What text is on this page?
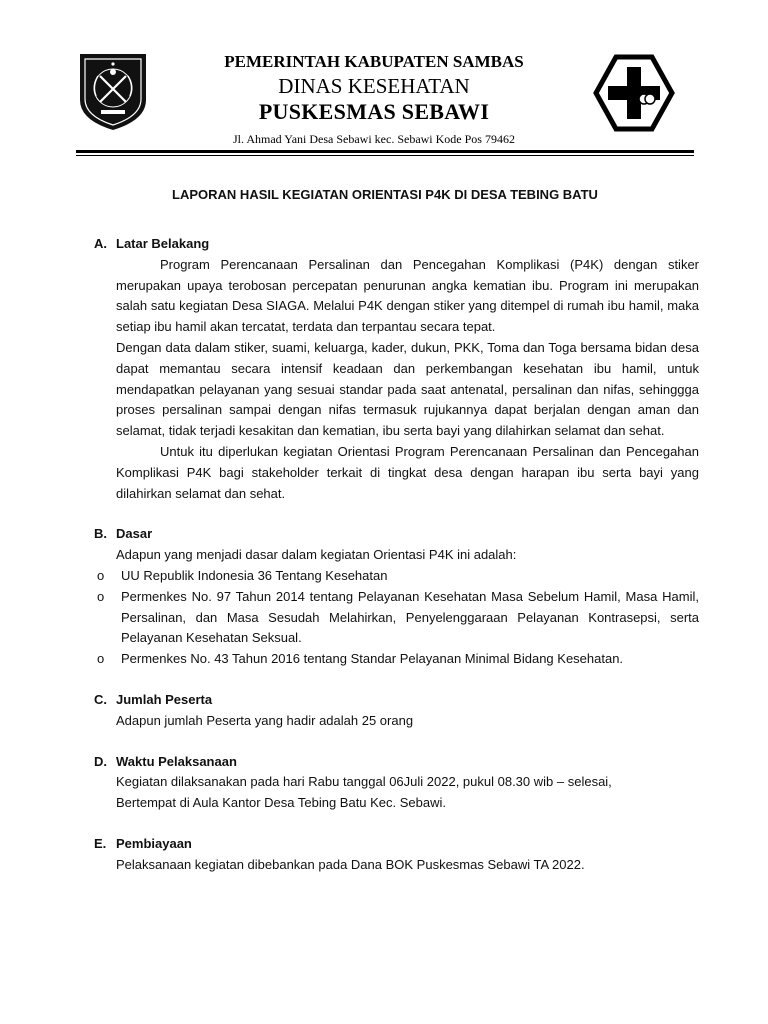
PEMERINTAH KABUPATEN SAMBAS
DINAS KESEHATAN
PUSKESMAS SEBAWI
Jl. Ahmad Yani Desa Sebawi kec. Sebawi Kode Pos 79462
LAPORAN HASIL KEGIATAN ORIENTASI P4K DI DESA TEBING BATU
A. Latar Belakang
Program Perencanaan Persalinan dan Pencegahan Komplikasi (P4K) dengan stiker merupakan upaya terobosan percepatan penurunan angka kematian ibu. Program ini merupakan salah satu kegiatan Desa SIAGA. Melalui P4K dengan stiker yang ditempel di rumah ibu hamil, maka setiap ibu hamil akan tercatat, terdata dan terpantau secara tepat.
Dengan data dalam stiker, suami, keluarga, kader, dukun, PKK, Toma dan Toga bersama bidan desa dapat memantau secara intensif keadaan dan perkembangan kesehatan ibu hamil, untuk mendapatkan pelayanan yang sesuai standar pada saat antenatal, persalinan dan nifas, sehinggga proses persalinan sampai dengan nifas termasuk rujukannya dapat berjalan dengan aman dan selamat, tidak terjadi kesakitan dan kematian, ibu serta bayi yang dilahirkan selamat dan sehat.
Untuk itu diperlukan kegiatan Orientasi Program Perencanaan Persalinan dan Pencegahan Komplikasi P4K bagi stakeholder terkait di tingkat desa dengan harapan ibu serta bayi yang dilahirkan selamat dan sehat.
B. Dasar
Adapun yang menjadi dasar dalam kegiatan Orientasi P4K ini adalah:
o	UU Republik Indonesia 36 Tentang Kesehatan
o	Permenkes No. 97 Tahun 2014 tentang Pelayanan Kesehatan Masa Sebelum Hamil, Masa Hamil, Persalinan, dan Masa Sesudah Melahirkan, Penyelenggaraan Pelayanan Kontrasepsi, serta Pelayanan Kesehatan Seksual.
o	Permenkes No. 43 Tahun 2016 tentang Standar Pelayanan Minimal Bidang Kesehatan.
C. Jumlah Peserta
Adapun jumlah Peserta yang hadir adalah 25 orang
D. Waktu Pelaksanaan
Kegiatan dilaksanakan pada hari Rabu tanggal 06Juli 2022, pukul 08.30 wib – selesai,
Bertempat di Aula Kantor Desa Tebing Batu Kec. Sebawi.
E. Pembiayaan
Pelaksanaan kegiatan dibebankan pada Dana BOK Puskesmas Sebawi TA 2022.
